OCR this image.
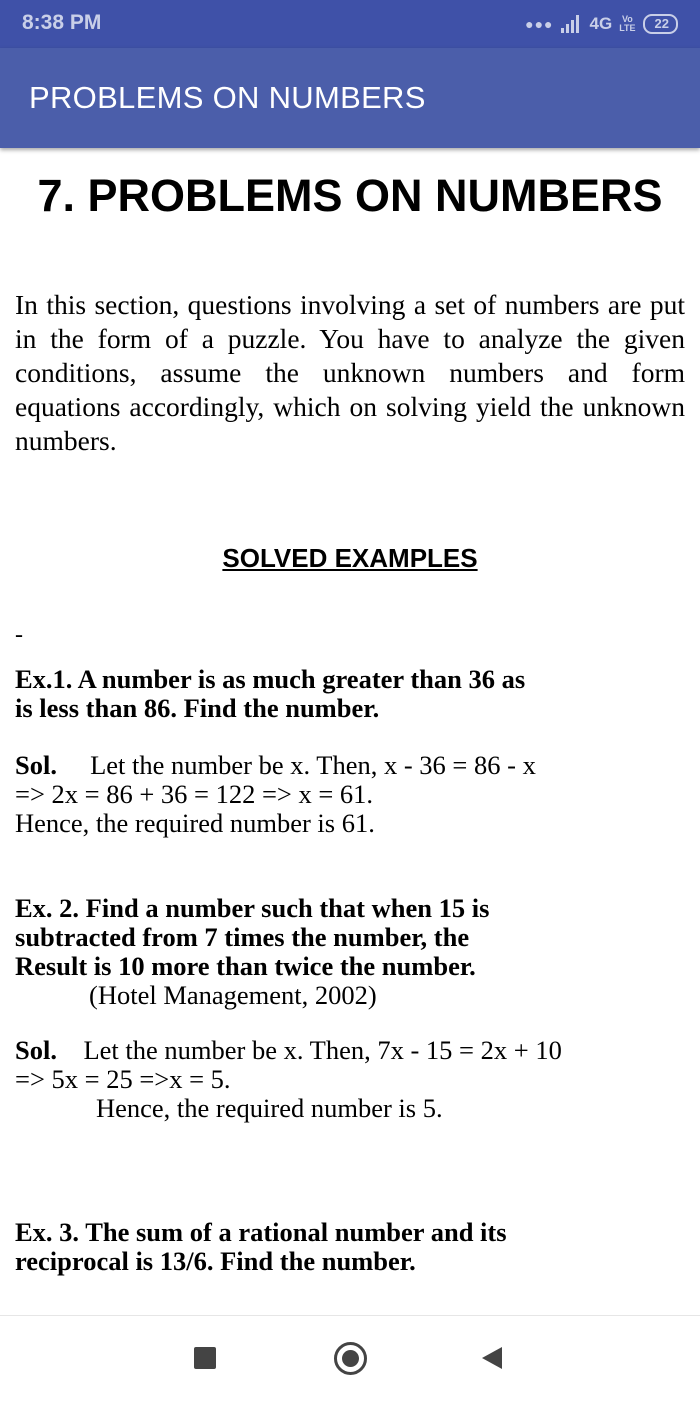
8:38 PM	●●● 4G	Vo
LTE	22
PROBLEMS ON NUMBERS
7. PROBLEMS ON NUMBERS

In this section, questions involving a set of numbers are put in the form of a puzzle. You have to analyze the given conditions, assume the unknown numbers and form equations accordingly, which on solving yield the unknown numbers.

SOLVED EXAMPLES
-
Ex.1. A number is as much greater than 36 as
is less than 86. Find the number.
Sol. Let the number be x. Then, x - 36 = 86 - x
=> 2x = 86 + 36 = 122 => x = 61.
Hence, the required number is 61.
Ex. 2. Find a number such that when 15 is
subtracted from 7 times the number, the
Result is 10 more than twice the number.
(Hotel Management, 2002)
Sol. Let the number be x. Then, 7x - 15 = 2x + 10
=> 5x = 25 =>x = 5.
Hence, the required number is 5.
Ex. 3. The sum of a rational number and its
reciprocal is 13/6. Find the number.
